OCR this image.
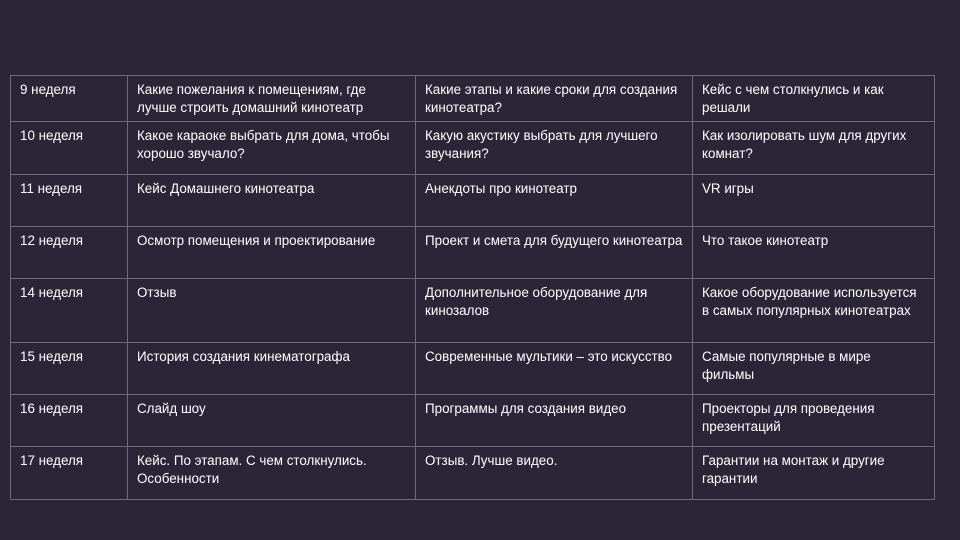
9 неделя	Какие пожелания к помещениям, где лучше строить домашний кинотеатр	Какие этапы и какие сроки для создания кинотеатра?	Кейс с чем столкнулись и как решали
10 неделя	Какое караоке выбрать для дома, чтобы хорошо звучало?	Какую акустику выбрать для лучшего звучания?	Как изолировать шум для других комнат?
11 неделя	Кейс Домашнего кинотеатра	Анекдоты про кинотеатр	VR игры
12 неделя	Осмотр помещения и проектирование	Проект и смета для будущего кинотеатра	Что такое кинотеатр
14 неделя	Отзыв	Дополнительное оборудование для кинозалов	Какое оборудование используется в самых популярных кинотеатрах
15 неделя	История создания кинематографа	Современные мультики – это искусство	Самые популярные в мире фильмы
16 неделя	Слайд шоу	Программы для создания видео	Проекторы для проведения презентаций
17 неделя	Кейс. По этапам. С чем столкнулись. Особенности	Отзыв. Лучше видео.	Гарантии на монтаж и другие гарантии
